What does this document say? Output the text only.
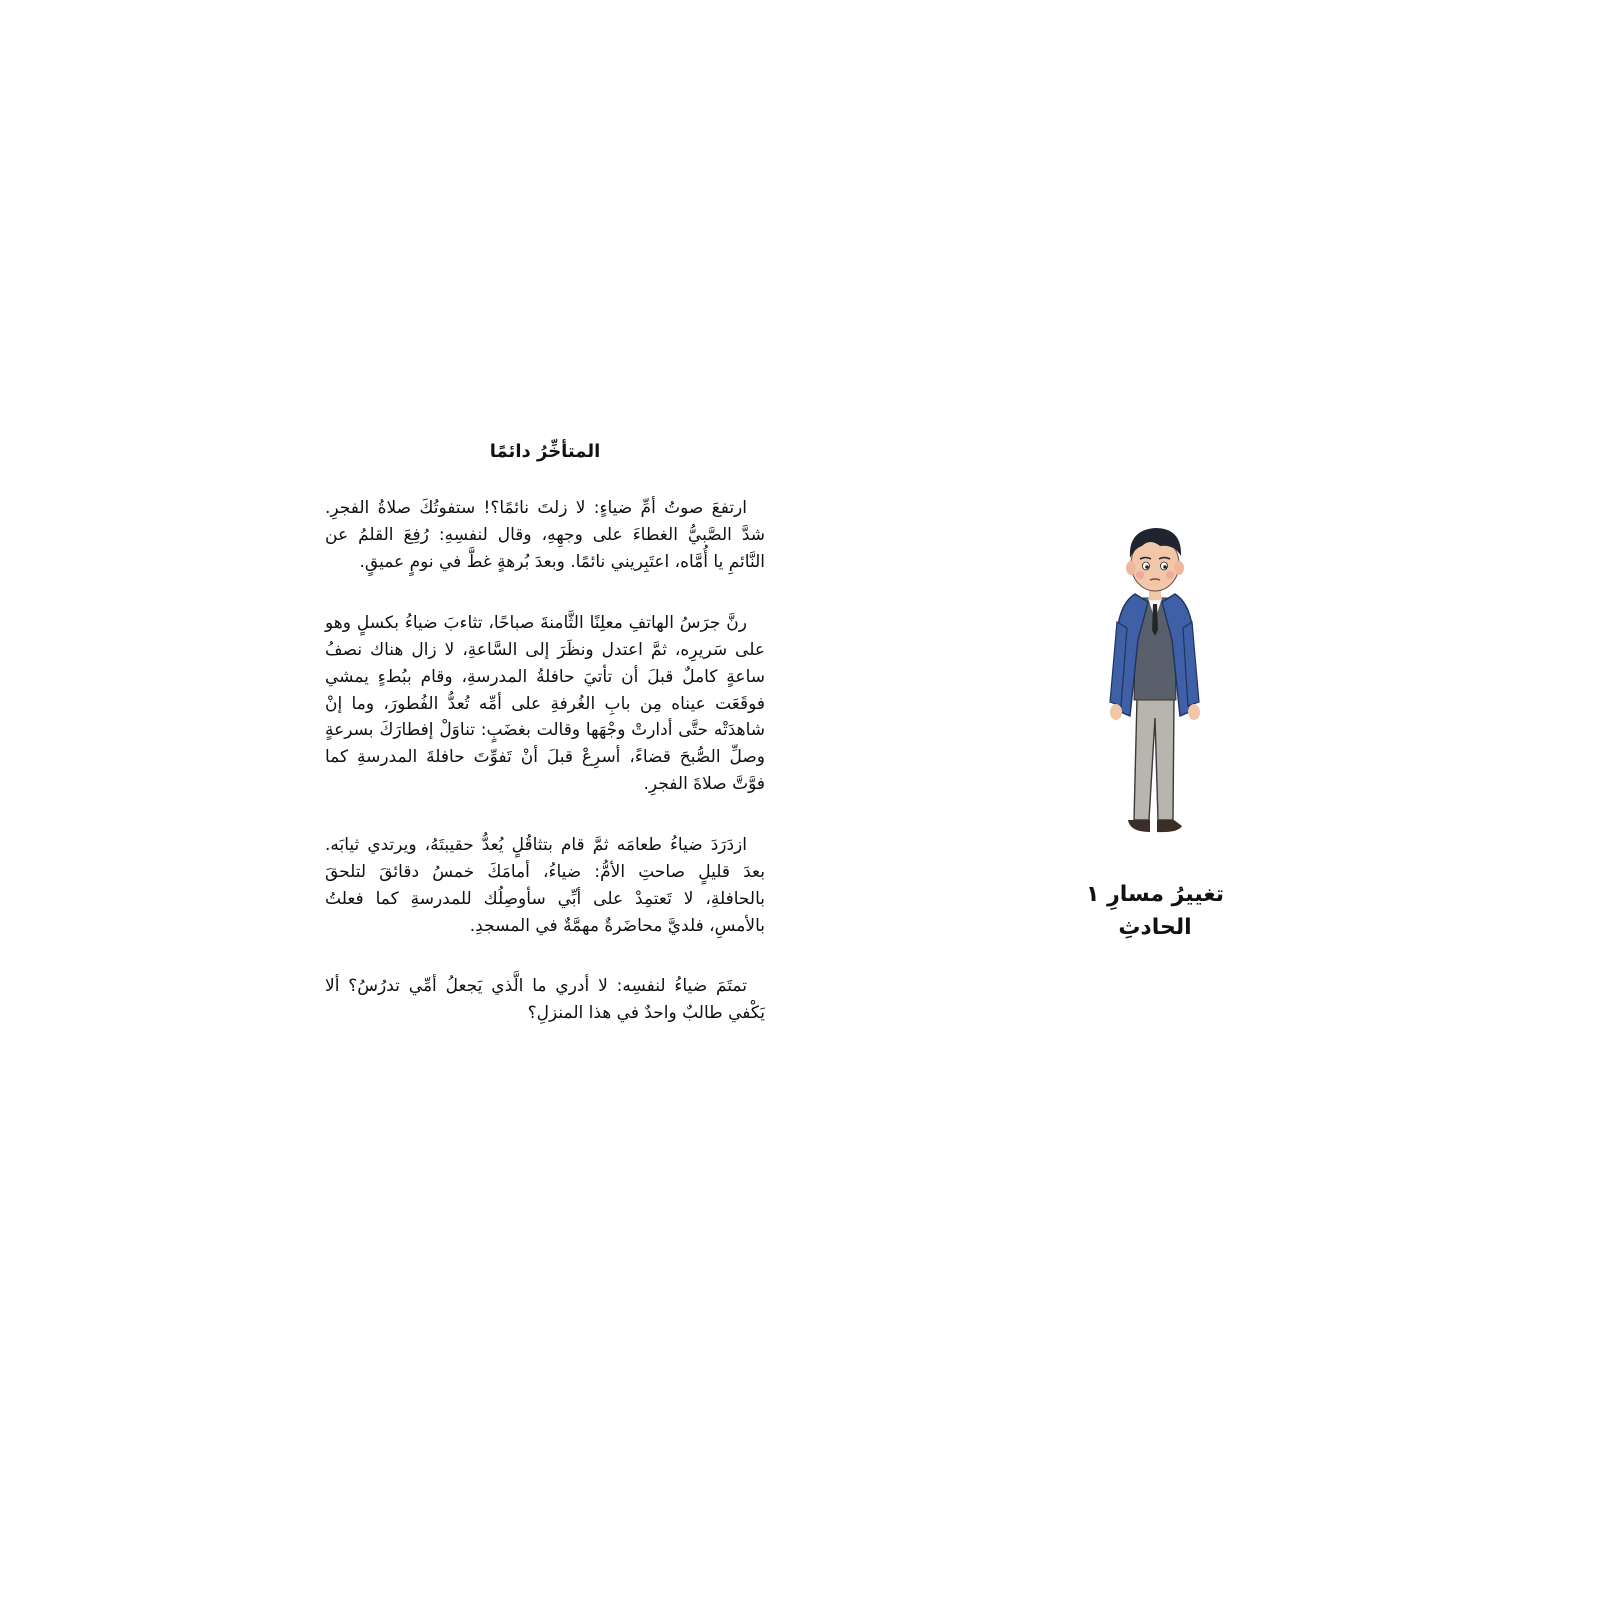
المتأخِّرُ دائمًا

ارتفعَ صوتُ أمِّ ضياءٍ: لا زلتَ نائمًا؟! ستفوتُكَ صلاةُ الفجرِ. شدَّ الصَّبيُّ الغطاءَ على وجهِهِ، وقال لنفسِهِ: رُفِعَ القلمُ عن النَّائمِ يا أُمَّاه، اعتَبِريني نائمًا. وبعدَ بُرهةٍ غطَّ في نومٍ عميقٍ.

رنَّ جرَسُ الهاتفِ معلِنًا الثَّامنةَ صباحًا، تثاءبَ ضياءُ بكسلٍ وهو على سَريرِه، ثمَّ اعتدل ونظَرَ إلى السَّاعةِ، لا زال هناك نصفُ ساعةٍ كاملٌ قبلَ أن تأتيَ حافلةُ المدرسةِ، وقام ببُطءٍ يمشي فوقَعَت عيناه مِن بابِ الغُرفةِ على أمِّه تُعدُّ الفُطورَ، وما إنْ شاهدَتْه حتَّى أدارتْ وجْهَها وقالت بغضَبٍ: تناوَلْ إفطارَكَ بسرعةٍ وصلِّ الصُّبحَ قضاءً، أسرِعْ قبلَ أنْ تَفوِّتَ حافلةَ المدرسةِ كما فوَّتَّ صلاةَ الفجرِ.

ازدَرَدَ ضياءُ طعامَه ثمَّ قام بتثاقُلٍ يُعدُّ حقيبتَهُ، ويرتدي ثيابَه. بعدَ قليلٍ صاحتِ الأمُّ: ضياءُ، أمامَكَ خمسُ دقائقَ لتلحقَ بالحافلةِ، لا تَعتمِدْ على أبِّي سأوصِلُك للمدرسةِ كما فعلتُ بالأمسِ، فلديَّ محاضَرةٌ مهمَّةٌ في المسجدِ.

تمتَمَ ضياءُ لنفسِه: لا أدري ما الَّذي يَجعلُ أمِّي تدرُسُ؟ ألا يَكْفي طالبٌ واحدٌ في هذا المنزلِ؟

تغييرُ مسارِ ١
الحادثِ
